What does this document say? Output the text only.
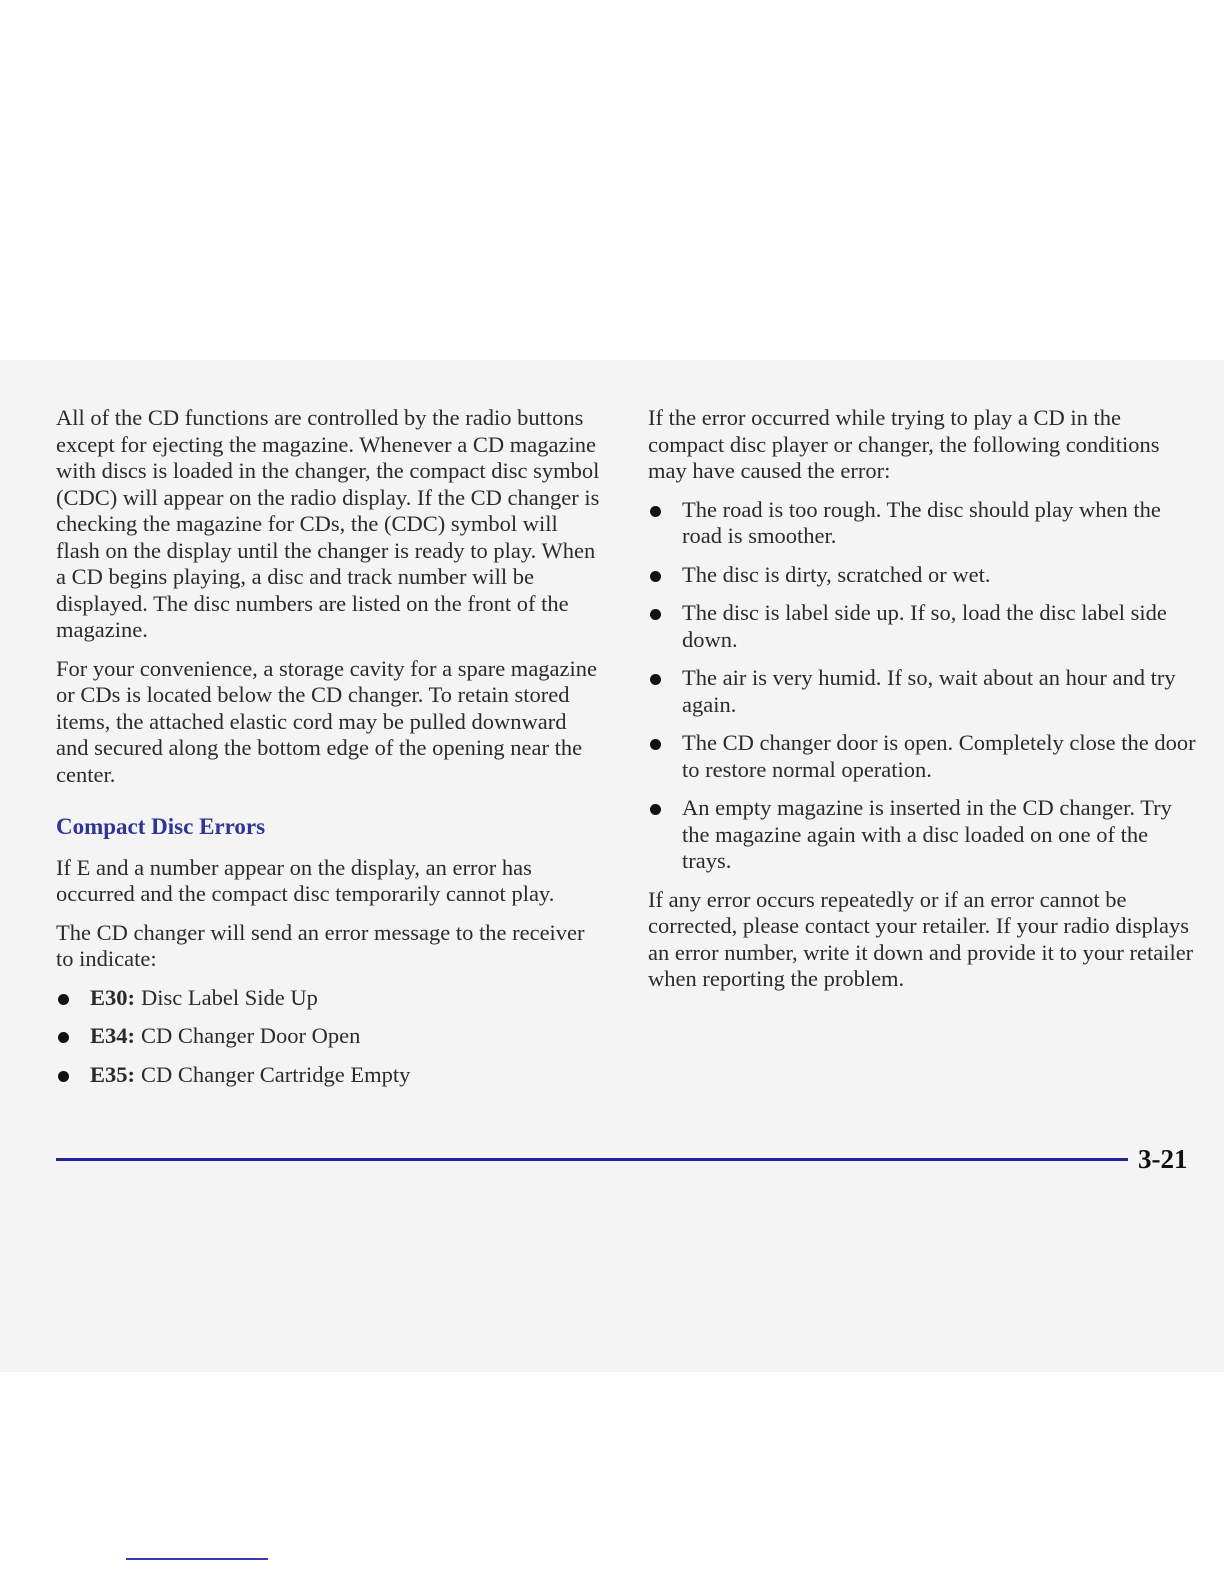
All of the CD functions are controlled by the radio buttons except for ejecting the magazine. Whenever a CD magazine with discs is loaded in the changer, the compact disc symbol (CDC) will appear on the radio display. If the CD changer is checking the magazine for CDs, the (CDC) symbol will flash on the display until the changer is ready to play. When a CD begins playing, a disc and track number will be displayed. The disc numbers are listed on the front of the magazine.

For your convenience, a storage cavity for a spare magazine or CDs is located below the CD changer. To retain stored items, the attached elastic cord may be pulled downward and secured along the bottom edge of the opening near the center.

Compact Disc Errors

If E and a number appear on the display, an error has occurred and the compact disc temporarily cannot play.

The CD changer will send an error message to the receiver to indicate:

E30: Disc Label Side Up
E34: CD Changer Door Open
E35: CD Changer Cartridge Empty

If the error occurred while trying to play a CD in the compact disc player or changer, the following conditions may have caused the error:

The road is too rough. The disc should play when the road is smoother.
The disc is dirty, scratched or wet.
The disc is label side up. If so, load the disc label side down.
The air is very humid. If so, wait about an hour and try again.
The CD changer door is open. Completely close the door to restore normal operation.
An empty magazine is inserted in the CD changer. Try the magazine again with a disc loaded on one of the trays.

If any error occurs repeatedly or if an error cannot be corrected, please contact your retailer. If your radio displays an error number, write it down and provide it to your retailer when reporting the problem.

3-21
